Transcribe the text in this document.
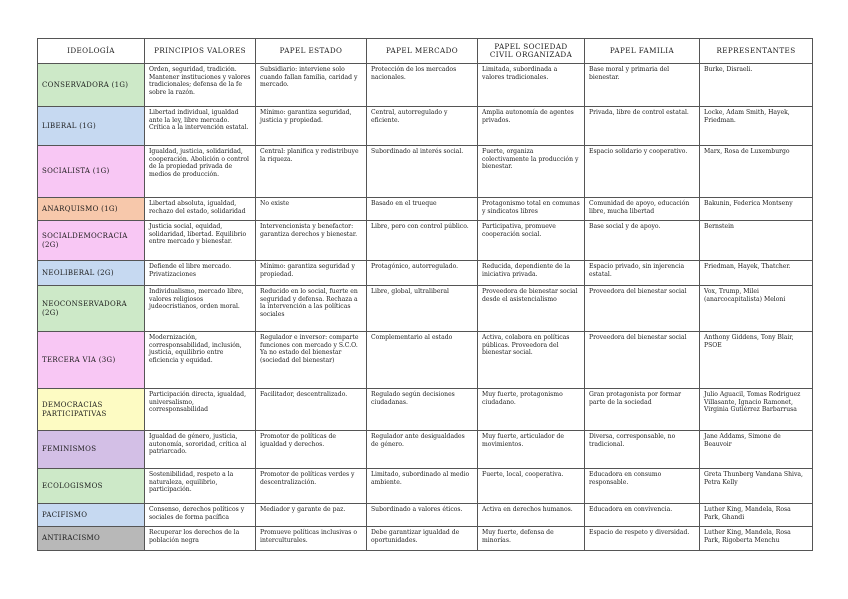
IDEOLOGÍA	PRINCIPIOS VALORES	PAPEL ESTADO	PAPEL MERCADO	PAPEL SOCIEDAD CIVIL ORGANIZADA	PAPEL FAMILIA	REPRESENTANTES
CONSERVADORA (1G)	Orden, seguridad, tradición. Mantener instituciones y valores tradicionales; defensa de la fe sobre la razón.	Subsidiario: interviene solo cuando fallan familia, caridad y mercado.	Protección de los mercados nacionales.	Limitada, subordinada a valores tradicionales.	Base moral y primaria del bienestar.	Burke, Disraeli.
LIBERAL (1G)	Libertad individual, igualdad ante la ley, libre mercado. Crítica a la intervención estatal.	Mínimo: garantiza seguridad, justicia y propiedad.	Central, autorregulado y eficiente.	Amplia autonomía de agentes privados.	Privada, libre de control estatal.	Locke, Adam Smith, Hayek, Friedman.
SOCIALISTA (1G)	Igualdad, justicia, solidaridad, cooperación. Abolición o control de la propiedad privada de medios de producción.	Central: planifica y redistribuye la riqueza.	Subordinado al interés social.	Fuerte, organiza colectivamente la producción y bienestar.	Espacio solidario y cooperativo.	Marx, Rosa de Luxemburgo
ANARQUISMO (1G)	Libertad absoluta, igualdad, rechazo del estado, solidaridad	No existe	Basado en el trueque	Protagonismo total en comunas y sindicatos libres	Comunidad de apoyo, educación libre, mucha libertad	Bakunin, Federica Montseny
SOCIALDEMOCRACIA (2G)	Justicia social, equidad, solidaridad, libertad. Equilibrio entre mercado y bienestar.	Intervencionista y benefactor: garantiza derechos y bienestar.	Libre, pero con control público.	Participativa, promueve cooperación social.	Base social y de apoyo.	Bernstein
NEOLIBERAL (2G)	Defiende el libre mercado. Privatizaciones	Mínimo: garantiza seguridad y propiedad.	Protagónico, autorregulado.	Reducida, dependiente de la iniciativa privada.	Espacio privado, sin injerencia estatal.	Friedman, Hayek, Thatcher.
NEOCONSERVADORA (2G)	Individualismo, mercado libre, valores religiosos judeocristianos, orden moral.	Reducido en lo social, fuerte en seguridad y defensa. Rechaza a la intervención a las políticas sociales	Libre, global, ultraliberal	Proveedora de bienestar social desde el asistencialismo	Proveedora del bienestar social	Vox, Trump, Milei (anarcocapitalista) Meloni
TERCERA VIA (3G)	Modernización, corresponsabilidad, inclusión, justicia, equilibrio entre eficiencia y equidad.	Regulador e inversor: comparte funciones con mercado y S.C.O. Ya no estado del bienestar (sociedad del bienestar)	Complementario al estado	Activa, colabora en políticas públicas. Proveedora del bienestar social.	Proveedora del bienestar social	Anthony Giddens, Tony Blair, PSOE
DEMOCRACIAS PARTICIPATIVAS	Participación directa, igualdad, universalismo, corresponsabilidad	Facilitador, descentralizado.	Regulado según decisiones ciudadanas.	Muy fuerte, protagonismo ciudadano.	Gran protagonista por formar parte de la sociedad	Julio Aguacil, Tomas Rodriguez Villasante, Ignacio Ramonet, Virginia Gutiérrez Barbarrusa
FEMINISMOS	Igualdad de género, justicia, autonomía, sororidad, crítica al patriarcado.	Promotor de políticas de igualdad y derechos.	Regulador ante desigualdades de género.	Muy fuerte, articulador de movimientos.	Diversa, corresponsable, no tradicional.	Jane Addams, Simone de Beauvoir
ECOLOGISMOS	Sostenibilidad, respeto a la naturaleza, equilibrio, participación.	Promotor de políticas verdes y descentralización.	Limitado, subordinado al medio ambiente.	Fuerte, local, cooperativa.	Educadora en consumo responsable.	Greta Thunberg Vandana Shiva, Petra Kelly
PACIFISMO	Consenso, derechos políticos y sociales de forma pacífica	Mediador y garante de paz.	Subordinado a valores éticos.	Activa en derechos humanos.	Educadora en convivencia.	Luther King, Mandela, Rosa Park, Ghandi
ANTIRACISMO	Recuperar los derechos de la población negra	Promueve políticas inclusivas o interculturales.	Debe garantizar igualdad de oportunidades.	Muy fuerte, defensa de minorías.	Espacio de respeto y diversidad.	Luther King, Mandela, Rosa Park, Rigoberta Menchu
